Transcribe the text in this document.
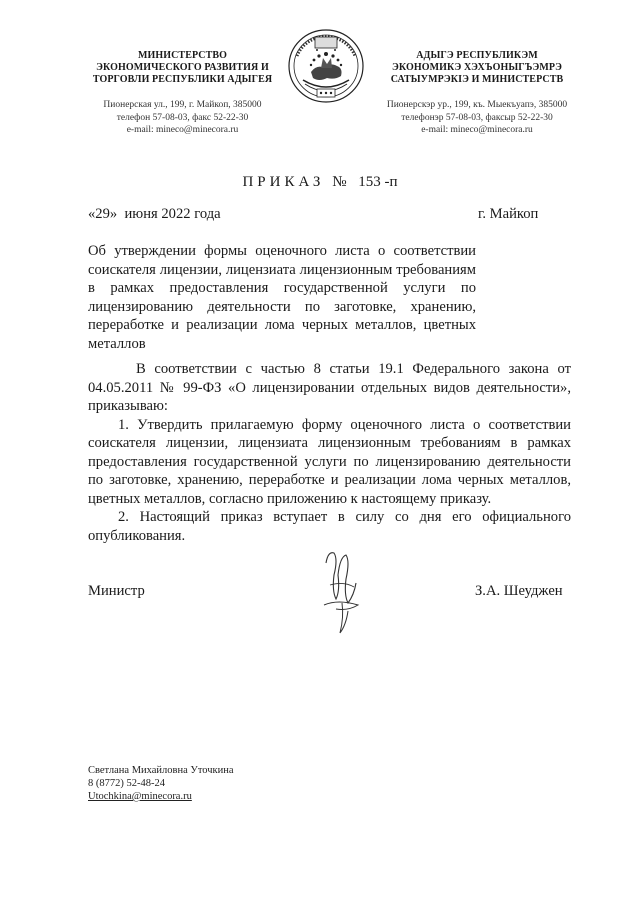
МИНИСТЕРСТВО
ЭКОНОМИЧЕСКОГО РАЗВИТИЯ И
ТОРГОВЛИ РЕСПУБЛИКИ АДЫГЕЯ
Пионерская ул., 199, г. Майкоп, 385000
телефон 57-08-03, факс 52-22-30
e-mail: mineco@minecora.ru
АДЫГЭ РЕСПУБЛИКЭМ
ЭКОНОМИКЭ ХЭХЪОНЫГЪЭМРЭ
САТЫУМРЭКIЭ И МИНИСТЕРСТВ
Пионерскэр ур., 199, къ. Мыекъуапэ, 385000
телефонэр 57-08-03, факсыр 52-22-30
e-mail: mineco@minecora.ru
ПРИКАЗ № 153 -п
«29» июня 2022 года	г. Майкоп
Об утверждении формы оценочного листа о соответствии соискателя лицензии, лицензиата лицензионным требованиям в рамках предоставления государственной услуги по лицензированию деятельности по заготовке, хранению, переработке и реализации лома черных металлов, цветных металлов

В соответствии с частью 8 статьи 19.1 Федерального закона от 04.05.2011 № 99-ФЗ «О лицензировании отдельных видов деятельности», приказываю:

1. Утвердить прилагаемую форму оценочного листа о соответствии соискателя лицензии, лицензиата лицензионным требованиям в рамках предоставления государственной услуги по лицензированию деятельности по заготовке, хранению, переработке и реализации лома черных металлов, цветных металлов, согласно приложению к настоящему приказу.

2. Настоящий приказ вступает в силу со дня его официального опубликования.

Министр	З.А. Шеуджен
Светлана Михайловна Уточкина
8 (8772) 52-48-24
Utochkina@minecora.ru
